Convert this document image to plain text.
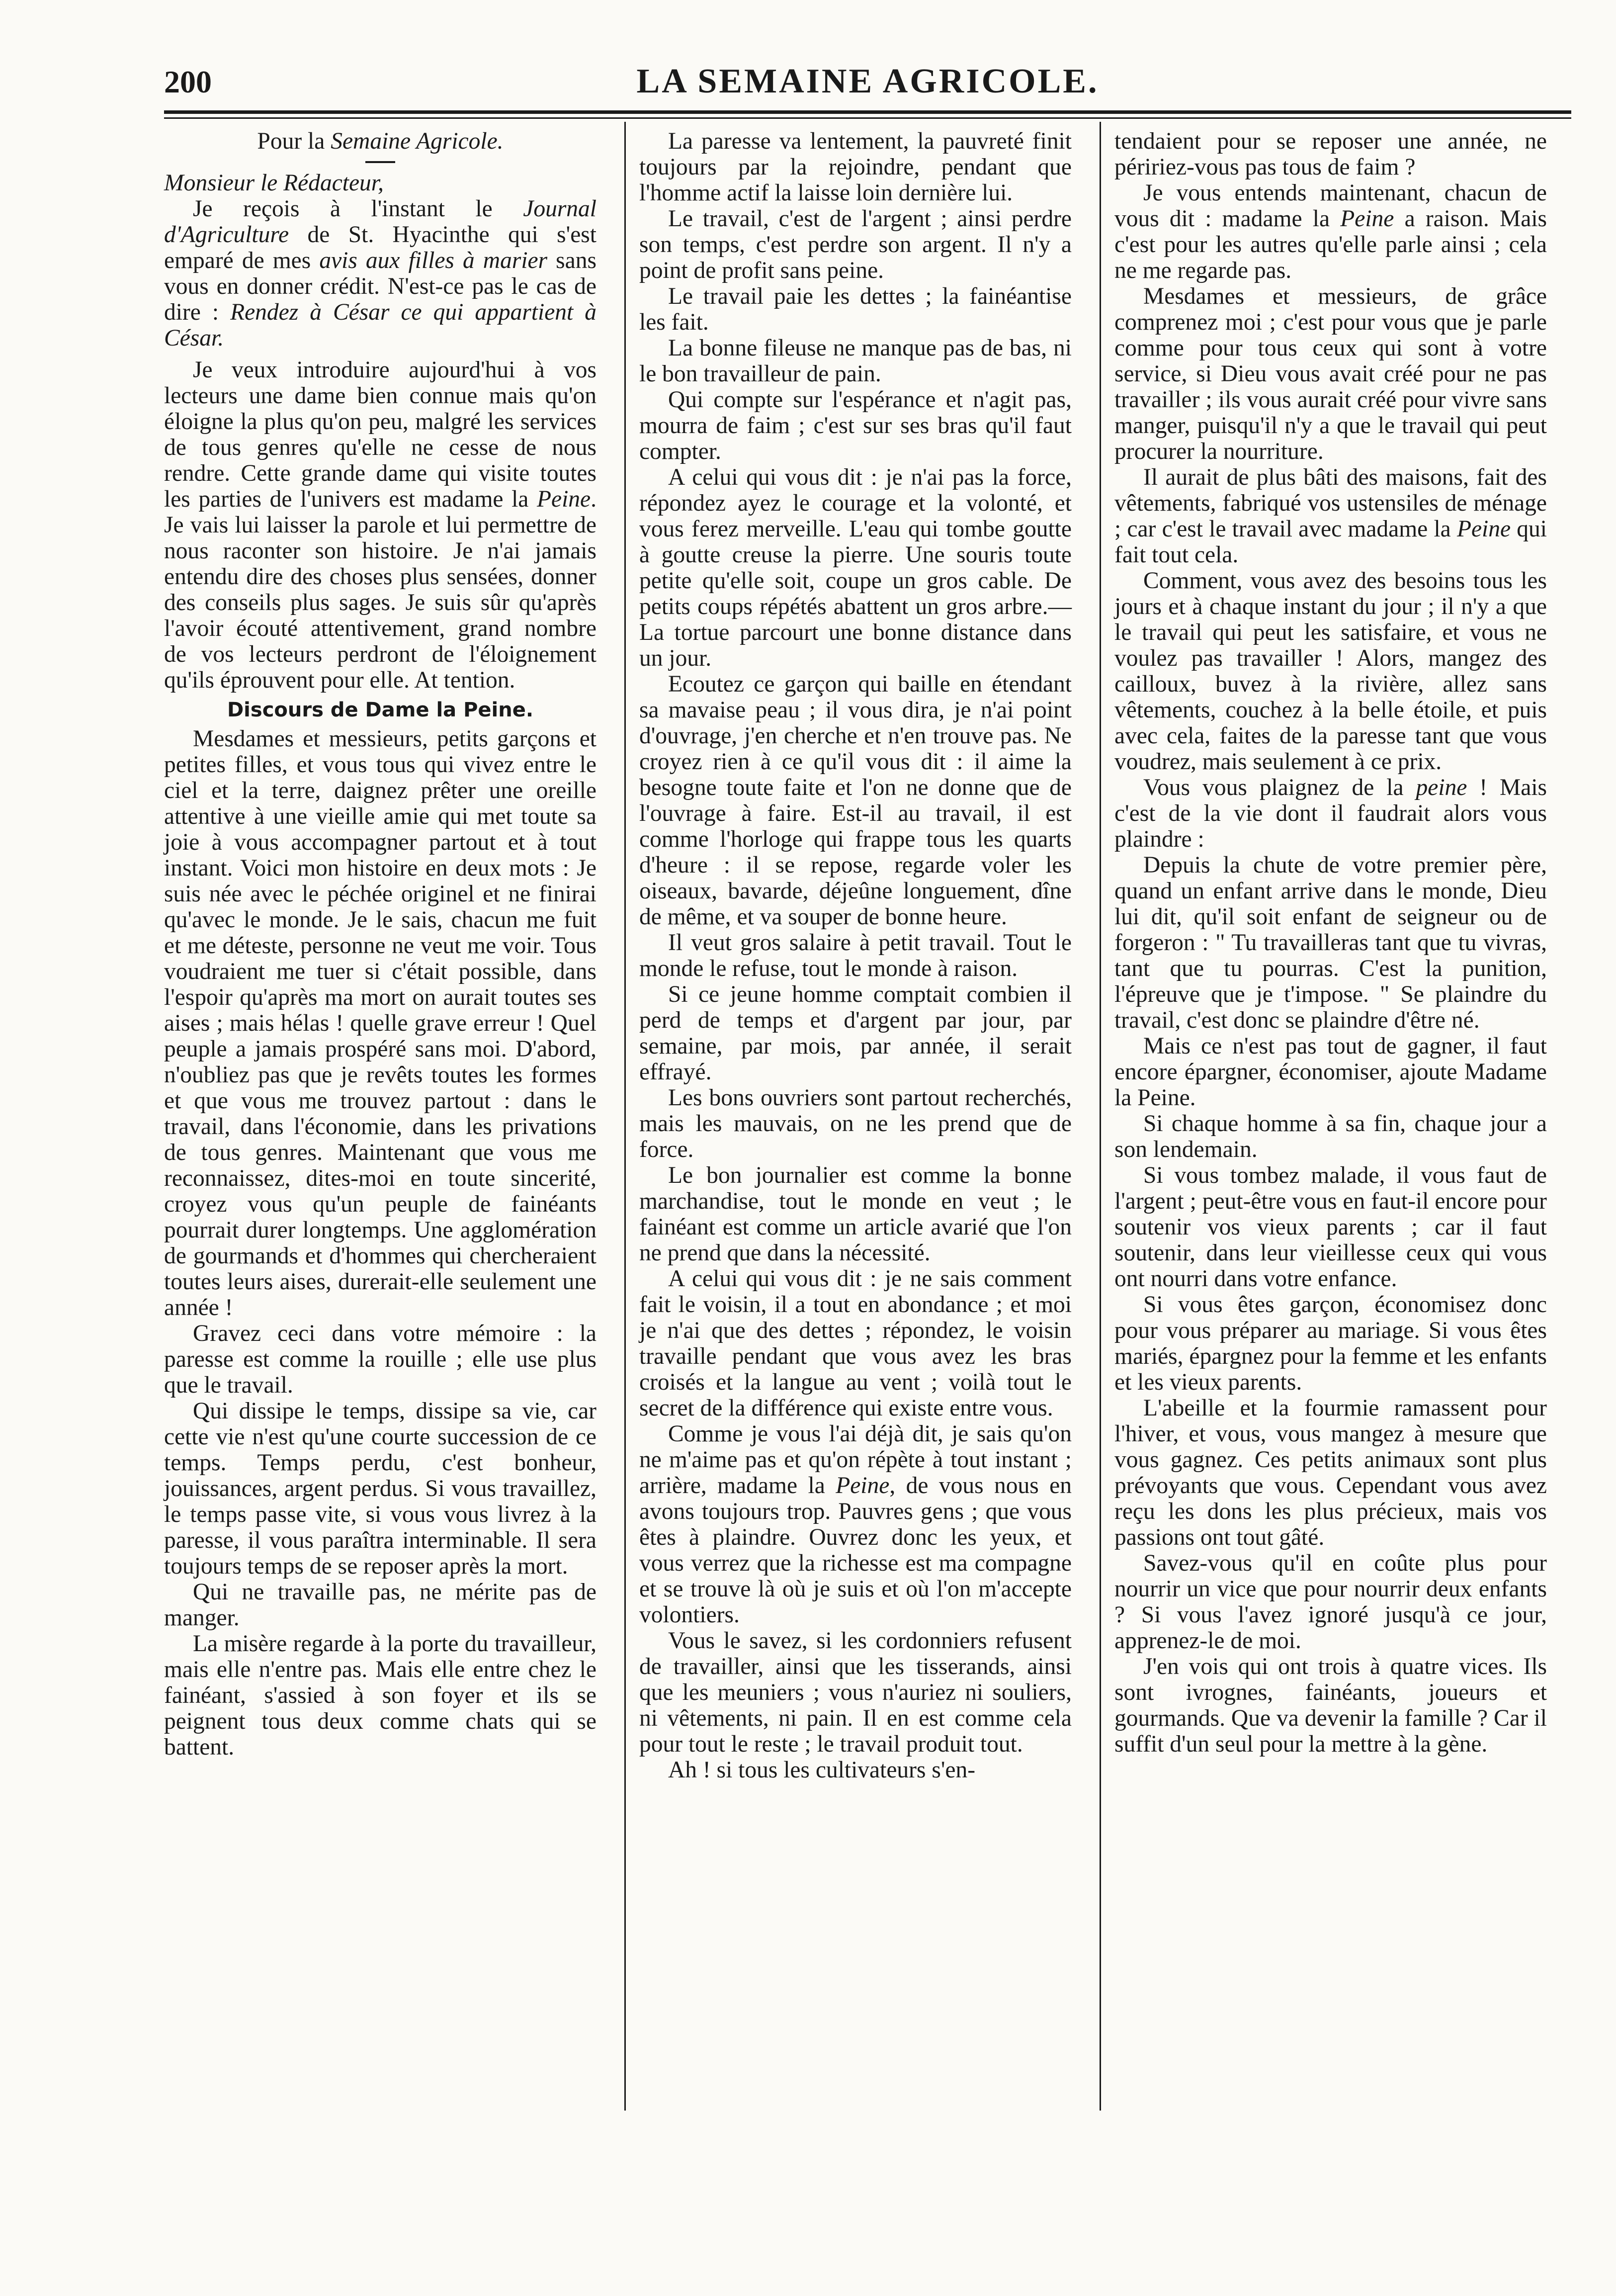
200	LA SEMAINE AGRICOLE.

Pour la Semaine Agricole.

Monsieur le Rédacteur,

Je reçois à l'instant le Journal d'Agriculture de St. Hyacinthe qui s'est emparé de mes avis aux filles à marier sans vous en donner crédit. N'est-ce pas le cas de dire : Rendez à César ce qui appartient à César.

Je veux introduire aujourd'hui à vos lecteurs une dame bien connue mais qu'on éloigne la plus qu'on peu, malgré les services de tous genres qu'elle ne cesse de nous rendre. Cette grande dame qui visite toutes les parties de l'univers est madame la Peine. Je vais lui laisser la parole et lui permettre de nous raconter son histoire. Je n'ai jamais entendu dire des choses plus sensées, donner des conseils plus sages. Je suis sûr qu'après l'avoir écouté attentivement, grand nombre de vos lecteurs perdront de l'éloignement qu'ils éprouvent pour elle. At tention.

Discours de Dame la Peine.

Mesdames et messieurs, petits garçons et petites filles, et vous tous qui vivez entre le ciel et la terre, daignez prêter une oreille attentive à une vieille amie qui met toute sa joie à vous accompagner partout et à tout instant. Voici mon histoire en deux mots : Je suis née avec le péchée originel et ne finirai qu'avec le monde. Je le sais, chacun me fuit et me déteste, personne ne veut me voir. Tous voudraient me tuer si c'était possible, dans l'espoir qu'après ma mort on aurait toutes ses aises ; mais hélas ! quelle grave erreur ! Quel peuple a jamais prospéré sans moi. D'abord, n'oubliez pas que je revêts toutes les formes et que vous me trouvez partout : dans le travail, dans l'économie, dans les privations de tous genres. Maintenant que vous me reconnaissez, dites-moi en toute sincerité, croyez vous qu'un peuple de fainéants pourrait durer longtemps. Une agglomération de gourmands et d'hommes qui chercheraient toutes leurs aises, durerait-elle seulement une année !

Gravez ceci dans votre mémoire : la paresse est comme la rouille ; elle use plus que le travail.

Qui dissipe le temps, dissipe sa vie, car cette vie n'est qu'une courte succession de ce temps. Temps perdu, c'est bonheur, jouissances, argent perdus. Si vous travaillez, le temps passe vite, si vous vous livrez à la paresse, il vous paraîtra interminable. Il sera toujours temps de se reposer après la mort.

Qui ne travaille pas, ne mérite pas de manger.

La misère regarde à la porte du travailleur, mais elle n'entre pas. Mais elle entre chez le fainéant, s'assied à son foyer et ils se peignent tous deux comme chats qui se battent.

La paresse va lentement, la pauvreté finit toujours par la rejoindre, pendant que l'homme actif la laisse loin dernière lui.

Le travail, c'est de l'argent ; ainsi perdre son temps, c'est perdre son argent. Il n'y a point de profit sans peine.

Le travail paie les dettes ; la fainéantise les fait.

La bonne fileuse ne manque pas de bas, ni le bon travailleur de pain.

Qui compte sur l'espérance et n'agit pas, mourra de faim ; c'est sur ses bras qu'il faut compter.

A celui qui vous dit : je n'ai pas la force, répondez ayez le courage et la volonté, et vous ferez merveille. L'eau qui tombe goutte à goutte creuse la pierre. Une souris toute petite qu'elle soit, coupe un gros cable. De petits coups répétés abattent un gros arbre.—La tortue parcourt une bonne distance dans un jour.

Ecoutez ce garçon qui baille en étendant sa mavaise peau ; il vous dira, je n'ai point d'ouvrage, j'en cherche et n'en trouve pas. Ne croyez rien à ce qu'il vous dit : il aime la besogne toute faite et l'on ne donne que de l'ouvrage à faire. Est-il au travail, il est comme l'horloge qui frappe tous les quarts d'heure : il se repose, regarde voler les oiseaux, bavarde, déjeûne longuement, dîne de même, et va souper de bonne heure.

Il veut gros salaire à petit travail. Tout le monde le refuse, tout le monde à raison.

Si ce jeune homme comptait combien il perd de temps et d'argent par jour, par semaine, par mois, par année, il serait effrayé.

Les bons ouvriers sont partout recherchés, mais les mauvais, on ne les prend que de force.

Le bon journalier est comme la bonne marchandise, tout le monde en veut ; le fainéant est comme un article avarié que l'on ne prend que dans la nécessité.

A celui qui vous dit : je ne sais comment fait le voisin, il a tout en abondance ; et moi je n'ai que des dettes ; répondez, le voisin travaille pendant que vous avez les bras croisés et la langue au vent ; voilà tout le secret de la différence qui existe entre vous.

Comme je vous l'ai déjà dit, je sais qu'on ne m'aime pas et qu'on répète à tout instant ; arrière, madame la Peine, de vous nous en avons toujours trop. Pauvres gens ; que vous êtes à plaindre. Ouvrez donc les yeux, et vous verrez que la richesse est ma compagne et se trouve là où je suis et où l'on m'accepte volontiers.

Vous le savez, si les cordonniers refusent de travailler, ainsi que les tisserands, ainsi que les meuniers ; vous n'auriez ni souliers, ni vêtements, ni pain. Il en est comme cela pour tout le reste ; le travail produit tout.

Ah ! si tous les cultivateurs s'en-

tendaient pour se reposer une année, ne péririez-vous pas tous de faim ?

Je vous entends maintenant, chacun de vous dit : madame la Peine a raison. Mais c'est pour les autres qu'elle parle ainsi ; cela ne me regarde pas.

Mesdames et messieurs, de grâce comprenez moi ; c'est pour vous que je parle comme pour tous ceux qui sont à votre service, si Dieu vous avait créé pour ne pas travailler ; ils vous aurait créé pour vivre sans manger, puisqu'il n'y a que le travail qui peut procurer la nourriture.

Il aurait de plus bâti des maisons, fait des vêtements, fabriqué vos ustensiles de ménage ; car c'est le travail avec madame la Peine qui fait tout cela.

Comment, vous avez des besoins tous les jours et à chaque instant du jour ; il n'y a que le travail qui peut les satisfaire, et vous ne voulez pas travailler ! Alors, mangez des cailloux, buvez à la rivière, allez sans vêtements, couchez à la belle étoile, et puis avec cela, faites de la paresse tant que vous voudrez, mais seulement à ce prix.

Vous vous plaignez de la peine ! Mais c'est de la vie dont il faudrait alors vous plaindre :

Depuis la chute de votre premier père, quand un enfant arrive dans le monde, Dieu lui dit, qu'il soit enfant de seigneur ou de forgeron : " Tu travailleras tant que tu vivras, tant que tu pourras. C'est la punition, l'épreuve que je t'impose. " Se plaindre du travail, c'est donc se plaindre d'être né.

Mais ce n'est pas tout de gagner, il faut encore épargner, économiser, ajoute Madame la Peine.

Si chaque homme à sa fin, chaque jour a son lendemain.

Si vous tombez malade, il vous faut de l'argent ; peut-être vous en faut-il encore pour soutenir vos vieux parents ; car il faut soutenir, dans leur vieillesse ceux qui vous ont nourri dans votre enfance.

Si vous êtes garçon, économisez donc pour vous préparer au mariage. Si vous êtes mariés, épargnez pour la femme et les enfants et les vieux parents.

L'abeille et la fourmie ramassent pour l'hiver, et vous, vous mangez à mesure que vous gagnez. Ces petits animaux sont plus prévoyants que vous. Cependant vous avez reçu les dons les plus précieux, mais vos passions ont tout gâté.

Savez-vous qu'il en coûte plus pour nourrir un vice que pour nourrir deux enfants ? Si vous l'avez ignoré jusqu'à ce jour, apprenez-le de moi.

J'en vois qui ont trois à quatre vices. Ils sont ivrognes, fainéants, joueurs et gourmands. Que va devenir la famille ? Car il suffit d'un seul pour la mettre à la gène.
